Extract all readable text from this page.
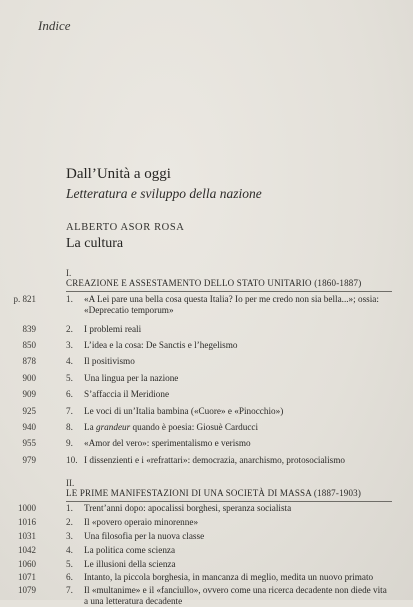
Indice
Dall’Unità a oggi
Letteratura e sviluppo della nazione
ALBERTO ASOR ROSA
La cultura
I.
CREAZIONE E ASSESTAMENTO DELLO STATO UNITARIO (1860-1887)
p. 821	1. «A Lei pare una bella cosa questa Italia? Io per me credo non sia bella...»; ossia: «Deprecatio temporum»
839	2. I problemi reali
850	3. L’idea e la cosa: De Sanctis e l’hegelismo
878	4. Il positivismo
900	5. Una lingua per la nazione
909	6. S’affaccia il Meridione
925	7. Le voci di un’Italia bambina («Cuore» e «Pinocchio»)
940	8. La grandeur quando è poesia: Giosuè Carducci
955	9. «Amor del vero»: sperimentalismo e verismo
979	10. I dissenzienti e i «refrattari»: democrazia, anarchismo, protosocialismo
II.
LE PRIME MANIFESTAZIONI DI UNA SOCIETÀ DI MASSA (1887-1903)
1000	1. Trent’anni dopo: apocalissi borghesi, speranza socialista
1016	2. Il «povero operaio minorenne»
1031	3. Una filosofia per la nuova classe
1042	4. La politica come scienza
1060	5. Le illusioni della scienza
1071	6. Intanto, la piccola borghesia, in mancanza di meglio, medita un nuovo primato
1079	7. Il «multanime» e il «fanciullo», ovvero come una ricerca decadente non diede vita a una letteratura decadente
